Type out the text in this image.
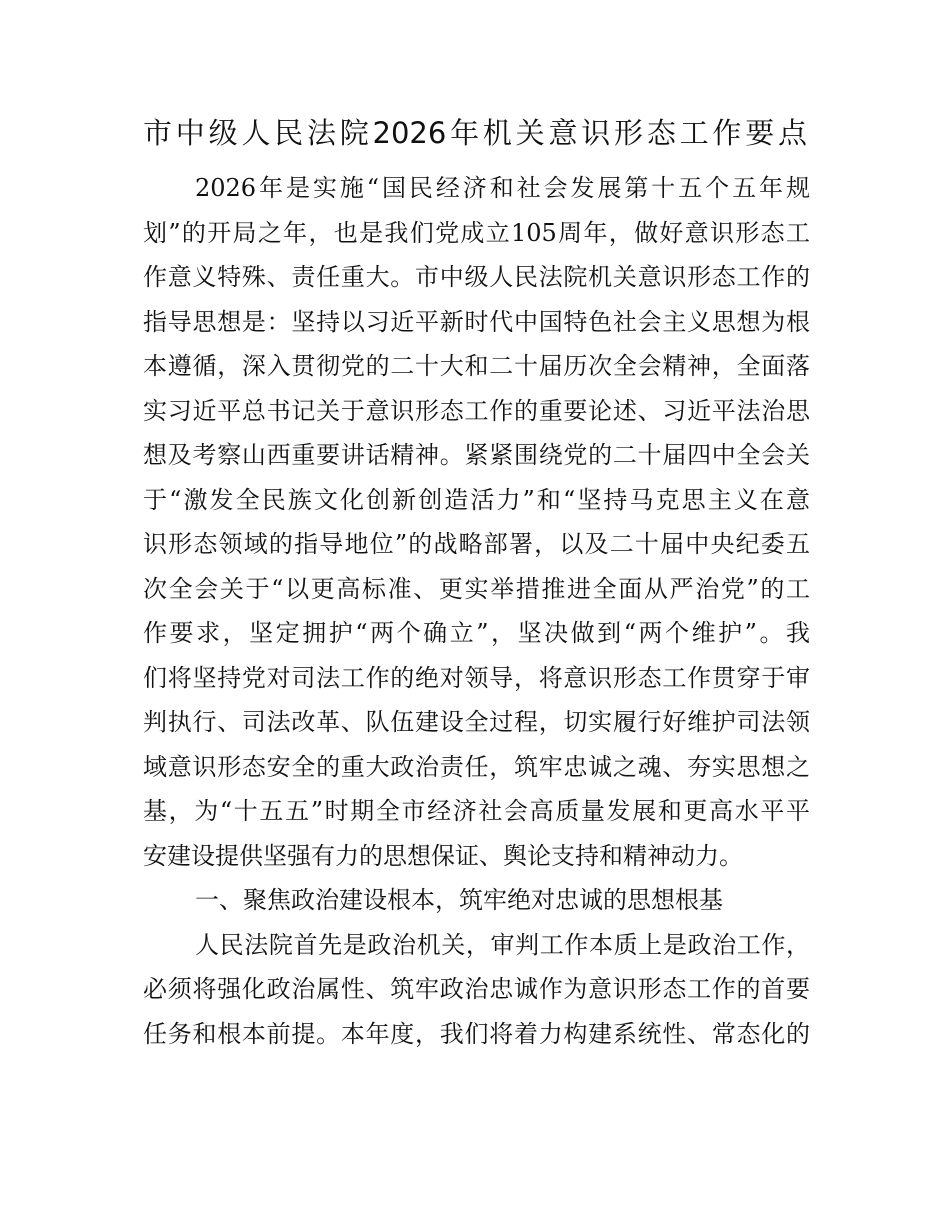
市中级人民法院2026年机关意识形态工作要点
2026年是实施“国民经济和社会发展第十五个五年规
划”的开局之年，也是我们党成立105周年，做好意识形态工
作意义特殊、责任重大。市中级人民法院机关意识形态工作的
指导思想是：坚持以习近平新时代中国特色社会主义思想为根
本遵循，深入贯彻党的二十大和二十届历次全会精神，全面落
实习近平总书记关于意识形态工作的重要论述、习近平法治思
想及考察山西重要讲话精神。紧紧围绕党的二十届四中全会关
于“激发全民族文化创新创造活力”和“坚持马克思主义在意
识形态领域的指导地位”的战略部署，以及二十届中央纪委五
次全会关于“以更高标准、更实举措推进全面从严治党”的工
作要求，坚定拥护“两个确立”，坚决做到“两个维护”。我
们将坚持党对司法工作的绝对领导，将意识形态工作贯穿于审
判执行、司法改革、队伍建设全过程，切实履行好维护司法领
域意识形态安全的重大政治责任，筑牢忠诚之魂、夯实思想之
基，为“十五五”时期全市经济社会高质量发展和更高水平平
安建设提供坚强有力的思想保证、舆论支持和精神动力。
一、聚焦政治建设根本，筑牢绝对忠诚的思想根基
人民法院首先是政治机关，审判工作本质上是政治工作，
必须将强化政治属性、筑牢政治忠诚作为意识形态工作的首要
任务和根本前提。本年度，我们将着力构建系统性、常态化的
